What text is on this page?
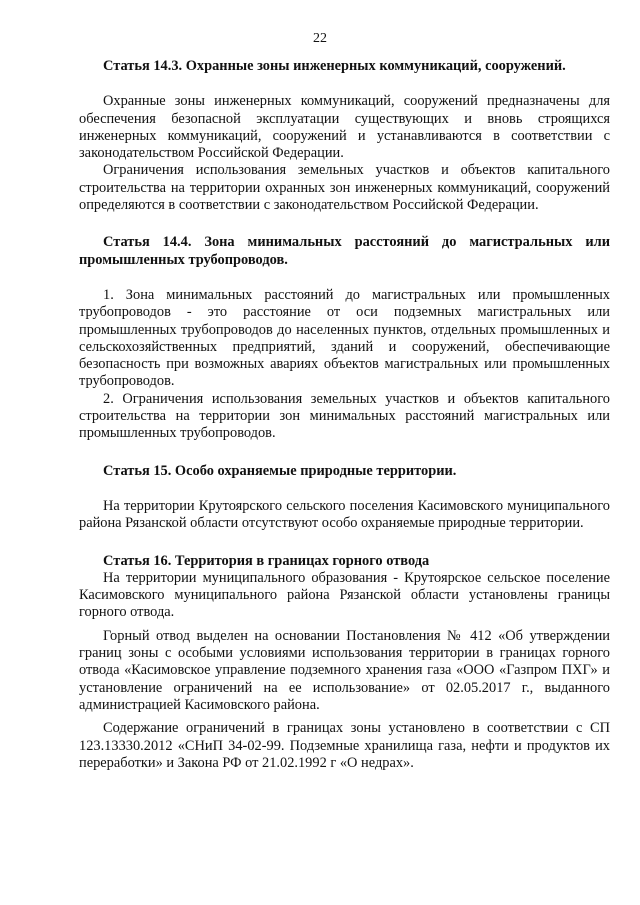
22

Статья 14.3. Охранные зоны инженерных коммуникаций, сооружений.

Охранные зоны инженерных коммуникаций, сооружений предназначены для обеспечения безопасной эксплуатации существующих и вновь строящихся инженерных коммуникаций, сооружений и устанавливаются в соответствии с законодательством Российской Федерации.

Ограничения использования земельных участков и объектов капитального строительства на территории охранных зон инженерных коммуникаций, сооружений определяются в соответствии с законодательством Российской Федерации.

Статья 14.4. Зона минимальных расстояний до магистральных или промышленных трубопроводов.

1. Зона минимальных расстояний до магистральных или промышленных трубопроводов - это расстояние от оси подземных магистральных или промышленных трубопроводов до населенных пунктов, отдельных промышленных и сельскохозяйственных предприятий, зданий и сооружений, обеспечивающие безопасность при возможных авариях объектов магистральных или промышленных трубопроводов.

2. Ограничения использования земельных участков и объектов капитального строительства на территории зон минимальных расстояний магистральных или промышленных трубопроводов.

Статья 15. Особо охраняемые природные территории.

На территории Крутоярского сельского поселения Касимовского муниципального района Рязанской области отсутствуют особо охраняемые природные территории.

Статья 16. Территория в границах горного отвода

На территории муниципального образования - Крутоярское сельское поселение Касимовского муниципального района Рязанской области установлены границы горного отвода.

Горный отвод выделен на основании Постановления № 412 «Об утверждении границ зоны с особыми условиями использования территории в границах горного отвода «Касимовское управление подземного хранения газа «ООО «Газпром ПХГ» и установление ограничений на ее использование» от 02.05.2017 г., выданного администрацией Касимовского района.

Содержание ограничений в границах зоны установлено в соответствии с СП 123.13330.2012 «СНиП 34-02-99. Подземные хранилища газа, нефти и продуктов их переработки» и Закона РФ от 21.02.1992 г «О недрах».
